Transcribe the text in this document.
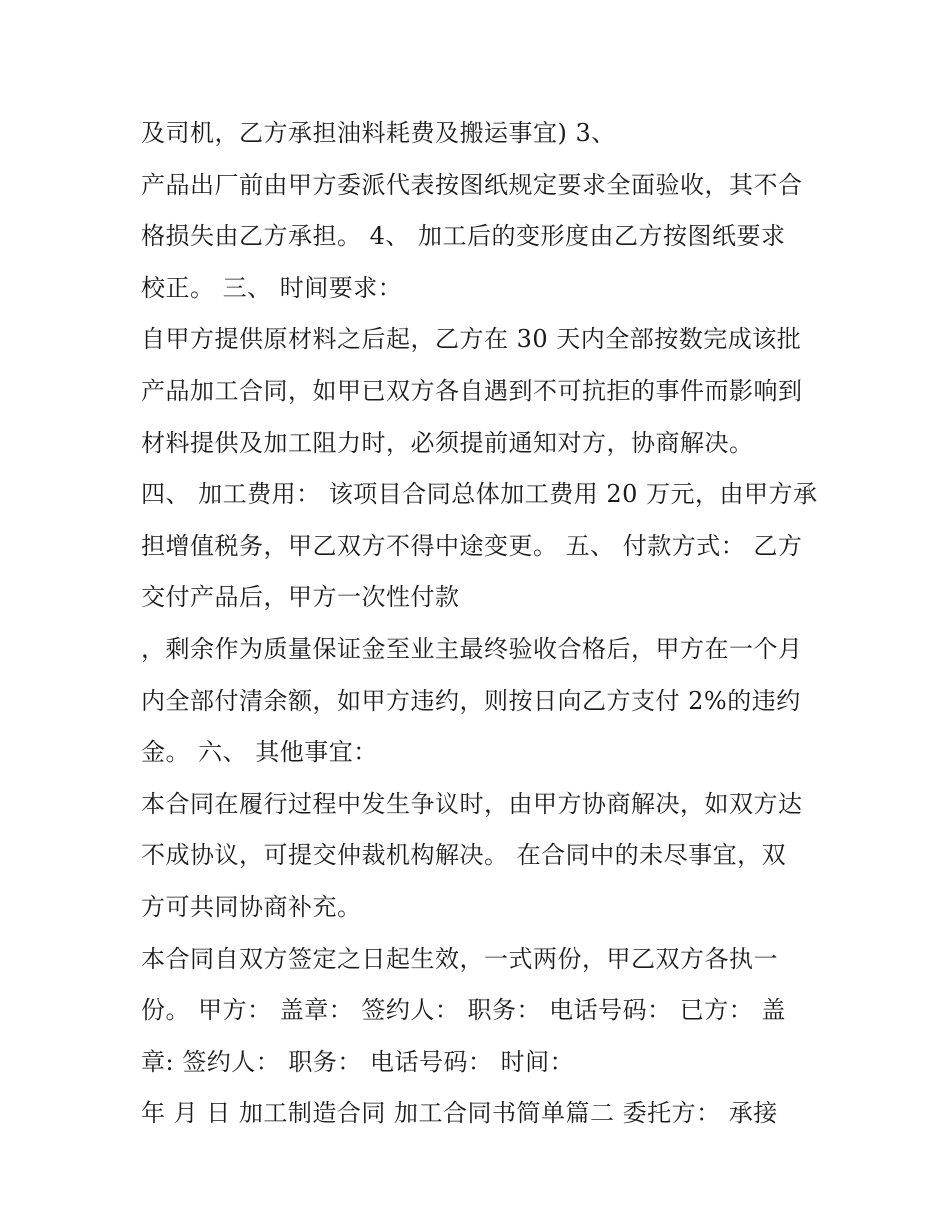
及司机，乙方承担油料耗费及搬运事宜) 3、
产品出厂前由甲方委派代表按图纸规定要求全面验收，其不合
格损失由乙方承担。 4、 加工后的变形度由乙方按图纸要求
校正。 三、 时间要求：
自甲方提供原材料之后起，乙方在 30 天内全部按数完成该批
产品加工合同，如甲已双方各自遇到不可抗拒的事件而影响到
材料提供及加工阻力时，必须提前通知对方，协商解决。
四、 加工费用： 该项目合同总体加工费用 20 万元，由甲方承
担增值税务，甲乙双方不得中途变更。 五、 付款方式： 乙方
交付产品后，甲方一次性付款
，剩余作为质量保证金至业主最终验收合格后，甲方在一个月
内全部付清余额，如甲方违约，则按日向乙方支付 2%的违约
金。 六、 其他事宜：
本合同在履行过程中发生争议时，由甲方协商解决，如双方达
不成协议，可提交仲裁机构解决。 在合同中的未尽事宜，双
方可共同协商补充。
本合同自双方签定之日起生效，一式两份，甲乙双方各执一
份。 甲方： 盖章： 签约人： 职务： 电话号码： 已方： 盖
章: 签约人： 职务： 电话号码： 时间：
年 月 日 加工制造合同 加工合同书简单篇二 委托方： 承接
